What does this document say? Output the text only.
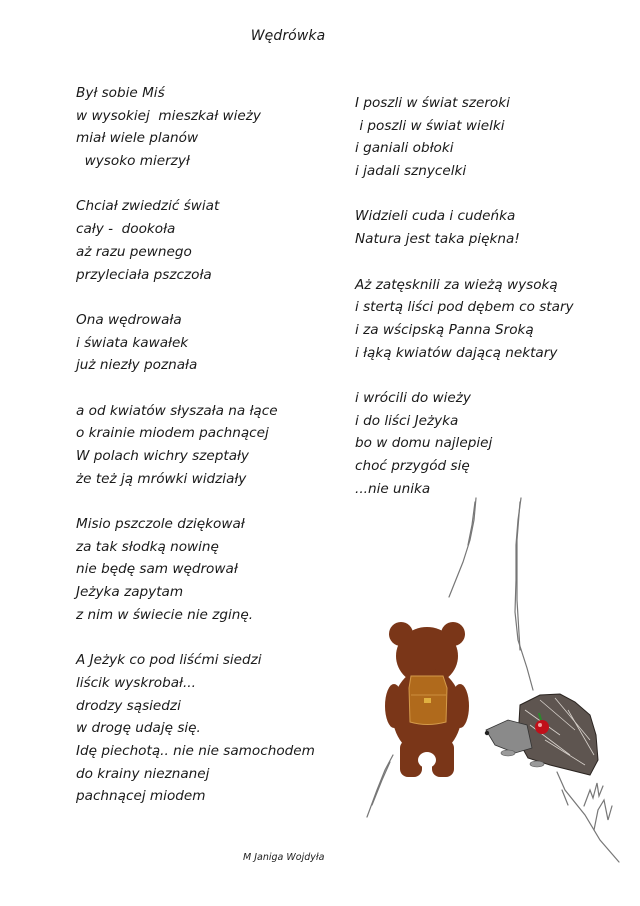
Wędrówka
Był sobie Miś
w wysokiej  mieszkał wieży
miał wiele planów
wysoko mierzył
Chciał zwiedzić świat
cały -  dookoła
aż razu pewnego
przyleciała pszczoła
Ona wędrowała
i świata kawałek
już niezły poznała
a od kwiatów słyszała na łące
o krainie miodem pachnącej
W polach wichry szeptały
że też ją mrówki widziały
Misio pszczole dziękował
za tak słodką nowinę
nie będę sam wędrował
Jeżyka zapytam
z nim w świecie nie zginę.
A Jeżyk co pod liśćmi siedzi
liścik wyskrobał...
drodzy sąsiedzi
w drogę udaję się.
Idę piechotą.. nie nie samochodem
do krainy nieznanej
pachnącej miodem
I poszli w świat szeroki
i poszli w świat wielki
i ganiali obłoki
i jadali sznycelki
Widzieli cuda i cudeńka
Natura jest taka piękna!
Aż zatęsknili za wieżą wysoką
i stertą liści pod dębem co stary
i za wścipską Panna Sroką
i łąką kwiatów dającą nektary
i wrócili do wieży
i do liści Jeżyka
bo w domu najlepiej
choć przygód się
...nie unika
M Janiga Wojdyła
